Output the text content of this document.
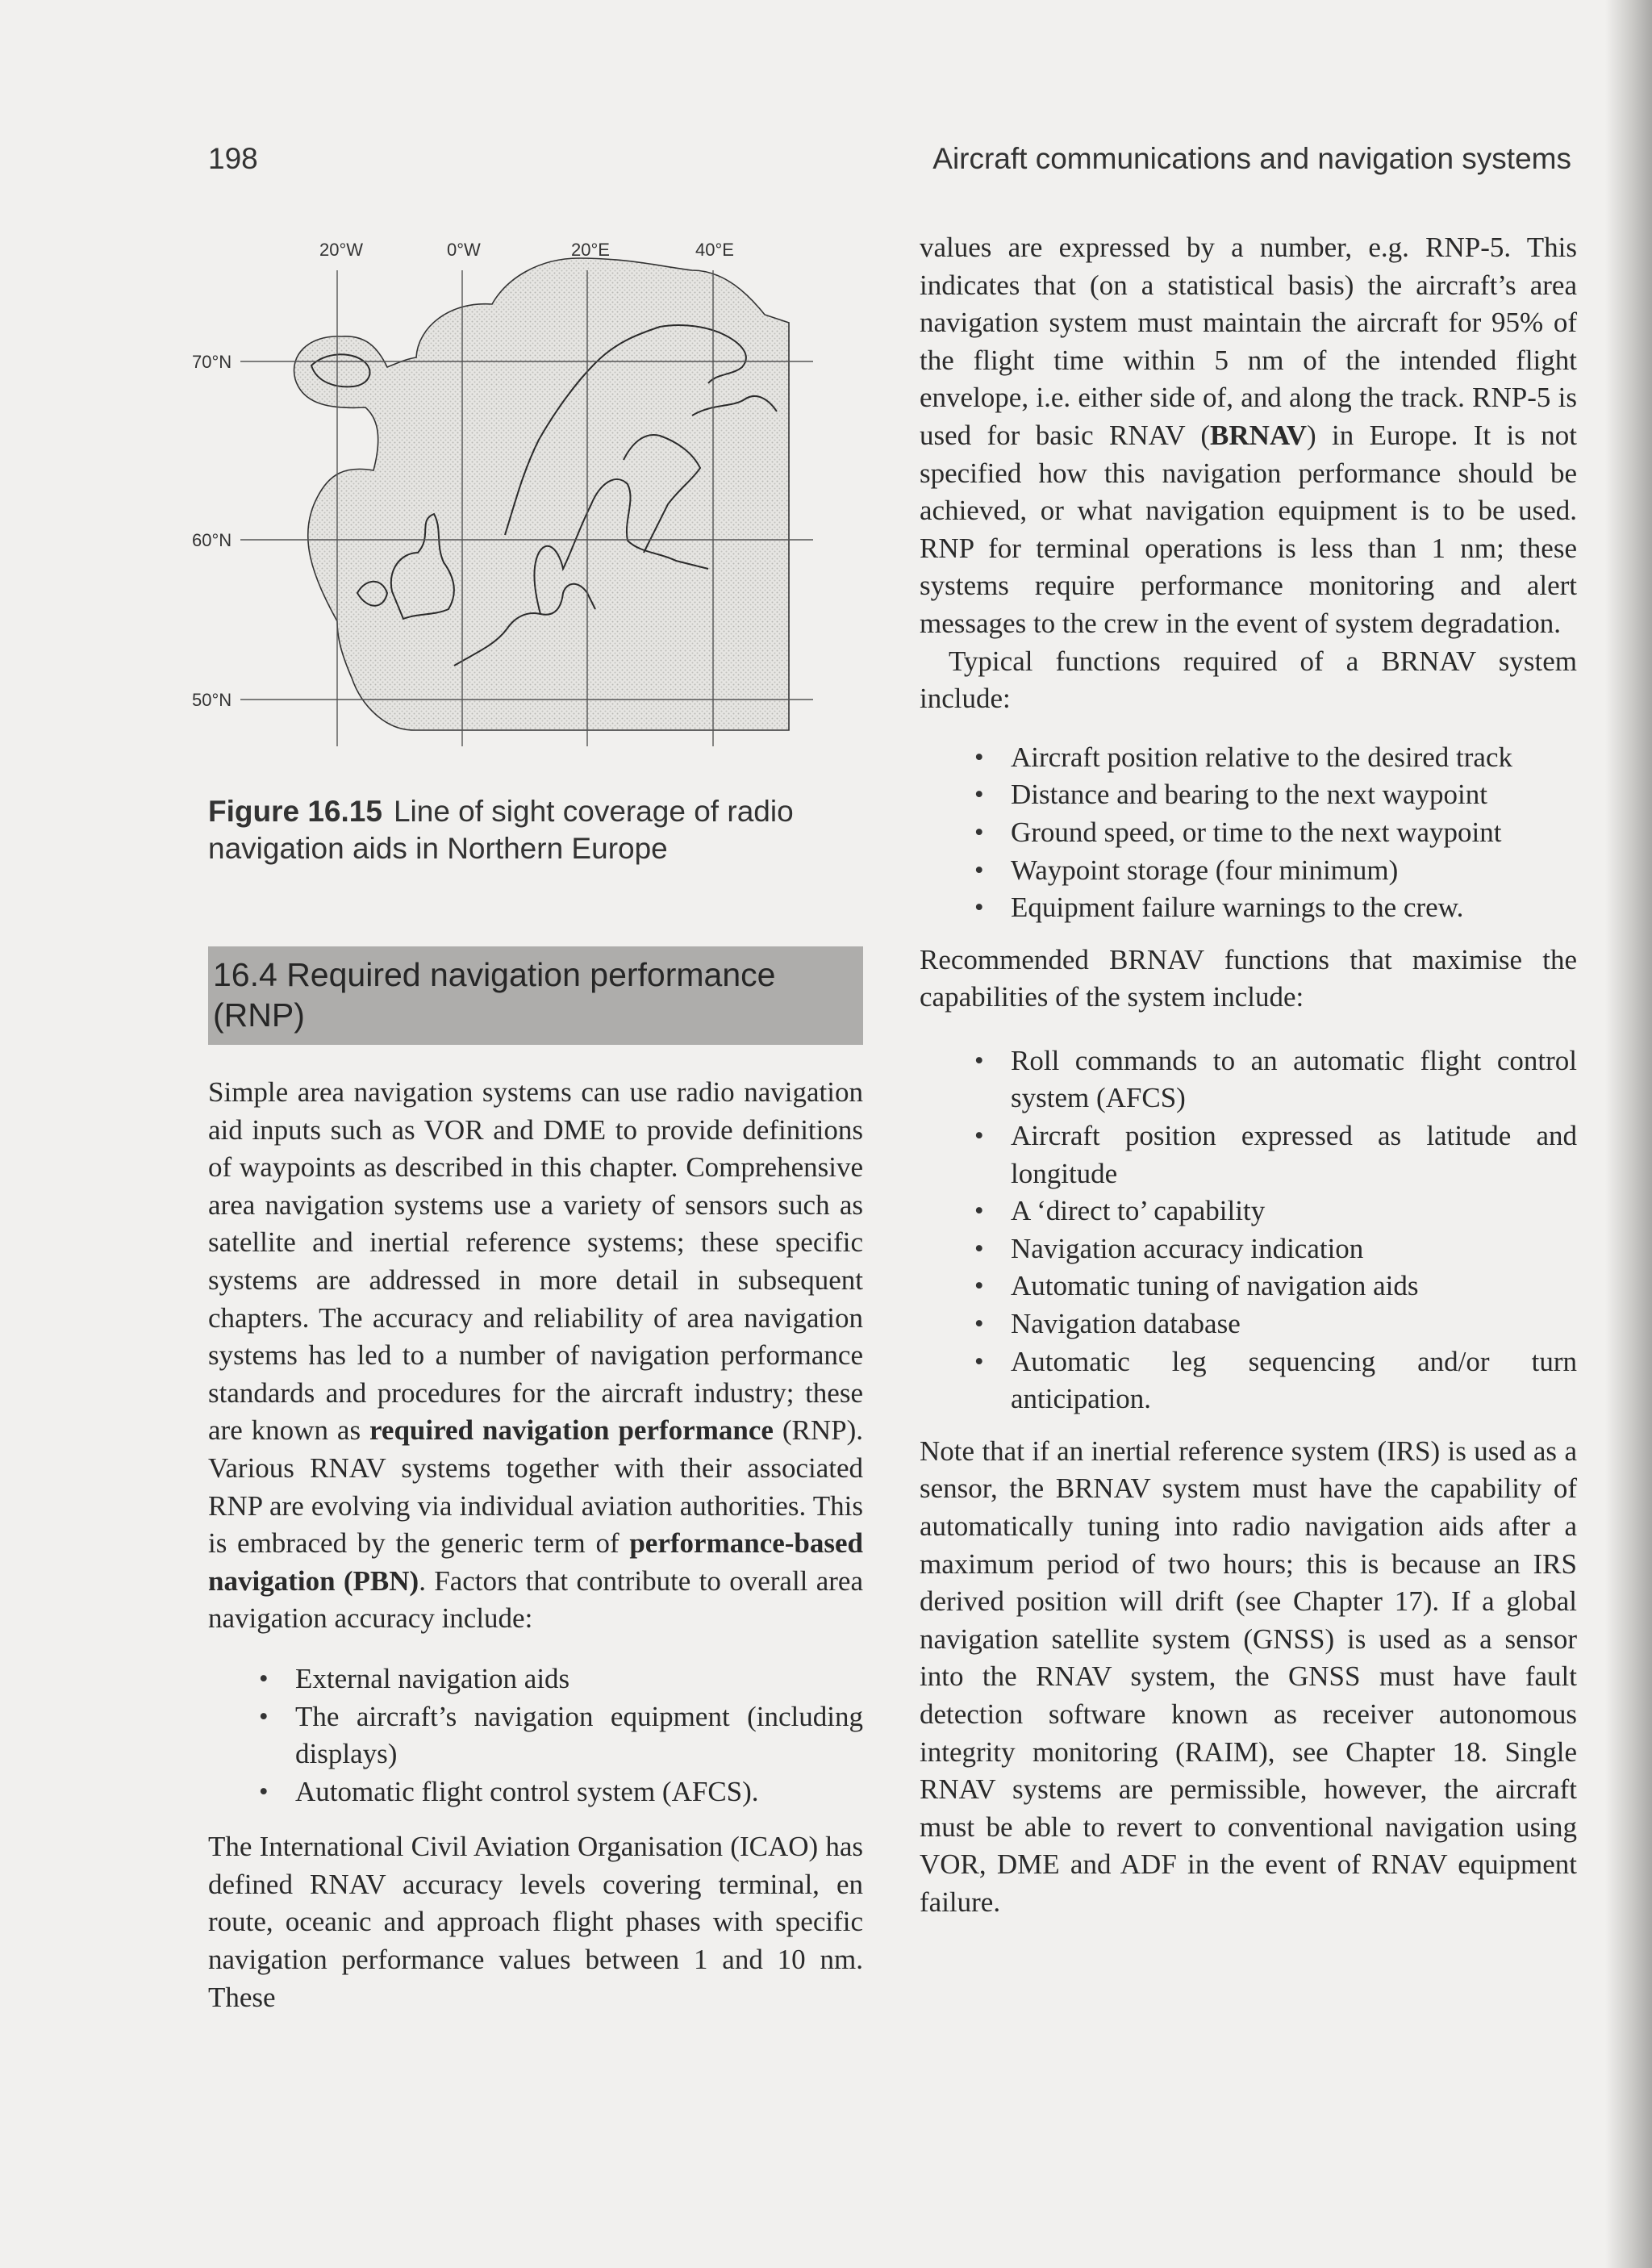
198	Aircraft communications and navigation systems
20°W	0°W	20°E	40°E
70°N
60°N
50°N
Figure 16.15 Line of sight coverage of radio navigation aids in Northern Europe
16.4 Required navigation performance (RNP)

Simple area navigation systems can use radio navigation aid inputs such as VOR and DME to provide definitions of waypoints as described in this chapter. Comprehensive area navigation systems use a variety of sensors such as satellite and inertial reference systems; these specific systems are addressed in more detail in subsequent chapters. The accuracy and reliability of area navigation systems has led to a number of navigation performance standards and procedures for the aircraft industry; these are known as required navigation performance (RNP). Various RNAV systems together with their associated RNP are evolving via individual aviation authorities. This is embraced by the generic term of performance-based navigation (PBN). Factors that contribute to overall area navigation accuracy include:

• External navigation aids
• The aircraft’s navigation equipment (including displays)
• Automatic flight control system (AFCS).

The International Civil Aviation Organisation (ICAO) has defined RNAV accuracy levels covering terminal, en route, oceanic and approach flight phases with specific navigation performance values between 1 and 10 nm. These

values are expressed by a number, e.g. RNP-5. This indicates that (on a statistical basis) the aircraft’s area navigation system must maintain the aircraft for 95% of the flight time within 5 nm of the intended flight envelope, i.e. either side of, and along the track. RNP-5 is used for basic RNAV (BRNAV) in Europe. It is not specified how this navigation performance should be achieved, or what navigation equipment is to be used. RNP for terminal operations is less than 1 nm; these systems require performance monitoring and alert messages to the crew in the event of system degradation.

Typical functions required of a BRNAV system include:

• Aircraft position relative to the desired track
• Distance and bearing to the next waypoint
• Ground speed, or time to the next waypoint
• Waypoint storage (four minimum)
• Equipment failure warnings to the crew.

Recommended BRNAV functions that maximise the capabilities of the system include:

• Roll commands to an automatic flight control system (AFCS)
• Aircraft position expressed as latitude and longitude
• A ‘direct to’ capability
• Navigation accuracy indication
• Automatic tuning of navigation aids
• Navigation database
• Automatic leg sequencing and/or turn anticipation.

Note that if an inertial reference system (IRS) is used as a sensor, the BRNAV system must have the capability of automatically tuning into radio navigation aids after a maximum period of two hours; this is because an IRS derived position will drift (see Chapter 17). If a global navigation satellite system (GNSS) is used as a sensor into the RNAV system, the GNSS must have fault detection software known as receiver autonomous integrity monitoring (RAIM), see Chapter 18. Single RNAV systems are permissible, however, the aircraft must be able to revert to conventional navigation using VOR, DME and ADF in the event of RNAV equipment failure.
